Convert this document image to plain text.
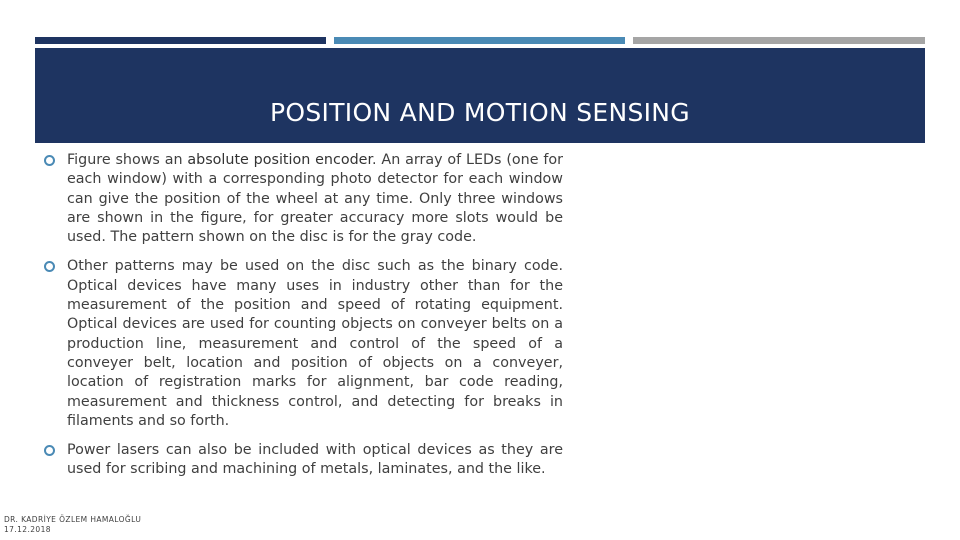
POSITION AND MOTION SENSING
Figure shows an absolute position encoder. An array of LEDs (one for each window) with a corresponding photo detector for each window can give the position of the wheel at any time. Only three windows are shown in the figure, for greater accuracy more slots would be used. The pattern shown on the disc is for the gray code.
Other patterns may be used on the disc such as the binary code. Optical devices have many uses in industry other than for the measurement of the position and speed of rotating equipment. Optical devices are used for counting objects on conveyer belts on a production line, measurement and control of the speed of a conveyer belt, location and position of objects on a conveyer, location of registration marks for alignment, bar code reading, measurement and thickness control, and detecting for breaks in filaments and so forth.
Power lasers can also be included with optical devices as they are used for scribing and machining of metals, laminates, and the like.
DR. KADRİYE ÖZLEM HAMALOĞLU
17.12.2018
